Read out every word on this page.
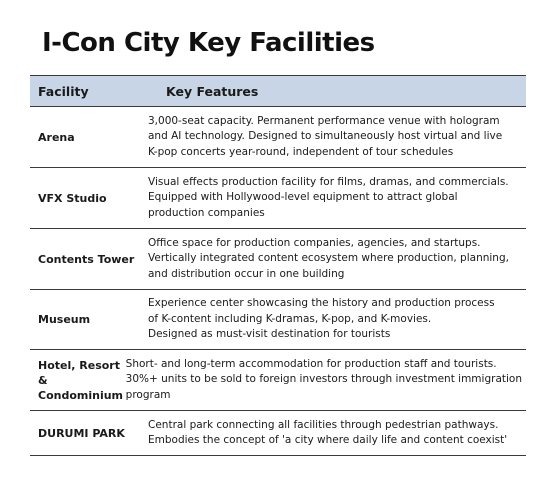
I-Con City Key Facilities
Facility	Key Features
Arena
3,000-seat capacity. Permanent performance venue with hologram
and AI technology. Designed to simultaneously host virtual and live
K-pop concerts year-round, independent of tour schedules
VFX Studio
Visual effects production facility for films, dramas, and commercials.
Equipped with Hollywood-level equipment to attract global
production companies
Contents Tower
Office space for production companies, agencies, and startups.
Vertically integrated content ecosystem where production, planning,
and distribution occur in one building
Museum
Experience center showcasing the history and production process
of K-content including K-dramas, K-pop, and K-movies.
Designed as must-visit destination for tourists
Hotel, Resort &
Condominium
Short- and long-term accommodation for production staff and tourists.
30%+ units to be sold to foreign investors through investment immigration
program
DURUMI PARK
Central park connecting all facilities through pedestrian pathways.
Embodies the concept of 'a city where daily life and content coexist'
